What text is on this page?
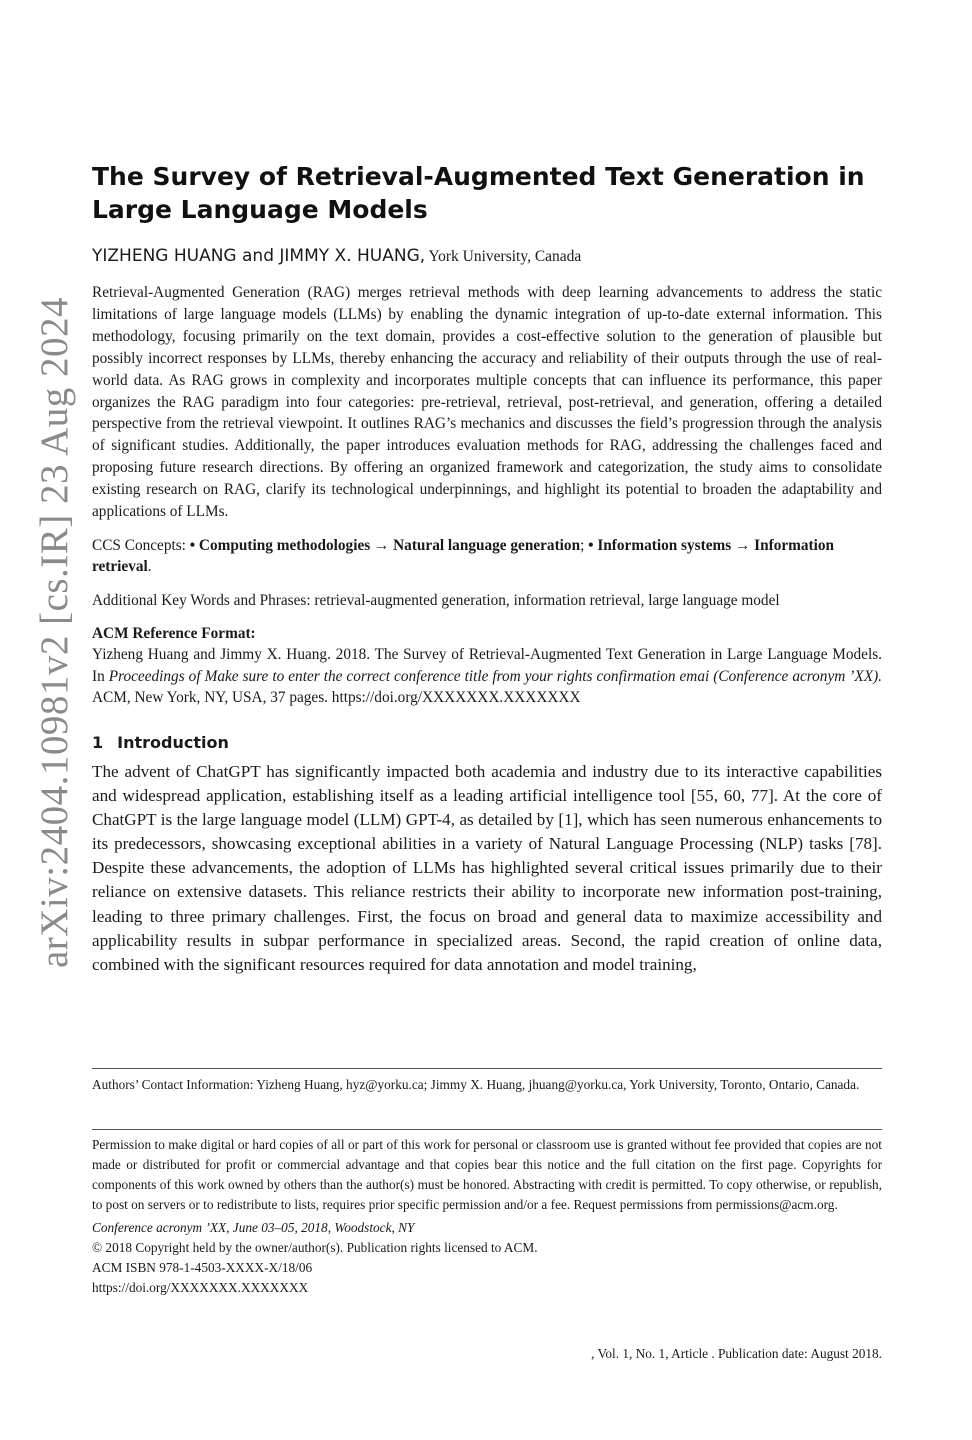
arXiv:2404.10981v2 [cs.IR] 23 Aug 2024
The Survey of Retrieval-Augmented Text Generation in Large Language Models
YIZHENG HUANG and JIMMY X. HUANG, York University, Canada

Retrieval-Augmented Generation (RAG) merges retrieval methods with deep learning advancements to address the static limitations of large language models (LLMs) by enabling the dynamic integration of up-to-date external information. This methodology, focusing primarily on the text domain, provides a cost-effective solution to the generation of plausible but possibly incorrect responses by LLMs, thereby enhancing the accuracy and reliability of their outputs through the use of real-world data. As RAG grows in complexity and incorporates multiple concepts that can influence its performance, this paper organizes the RAG paradigm into four categories: pre-retrieval, retrieval, post-retrieval, and generation, offering a detailed perspective from the retrieval viewpoint. It outlines RAG’s mechanics and discusses the field’s progression through the analysis of significant studies. Additionally, the paper introduces evaluation methods for RAG, addressing the challenges faced and proposing future research directions. By offering an organized framework and categorization, the study aims to consolidate existing research on RAG, clarify its technological underpinnings, and highlight its potential to broaden the adaptability and applications of LLMs.

CCS Concepts: • Computing methodologies → Natural language generation; • Information systems → Information retrieval.

Additional Key Words and Phrases: retrieval-augmented generation, information retrieval, large language model

ACM Reference Format:

Yizheng Huang and Jimmy X. Huang. 2018. The Survey of Retrieval-Augmented Text Generation in Large Language Models. In Proceedings of Make sure to enter the correct conference title from your rights confirmation emai (Conference acronym ’XX). ACM, New York, NY, USA, 37 pages. https://doi.org/XXXXXXX.XXXXXXX

1 Introduction

The advent of ChatGPT has significantly impacted both academia and industry due to its interactive capabilities and widespread application, establishing itself as a leading artificial intelligence tool [55, 60, 77]. At the core of ChatGPT is the large language model (LLM) GPT-4, as detailed by [1], which has seen numerous enhancements to its predecessors, showcasing exceptional abilities in a variety of Natural Language Processing (NLP) tasks [78]. Despite these advancements, the adoption of LLMs has highlighted several critical issues primarily due to their reliance on extensive datasets. This reliance restricts their ability to incorporate new information post-training, leading to three primary challenges. First, the focus on broad and general data to maximize accessibility and applicability results in subpar performance in specialized areas. Second, the rapid creation of online data, combined with the significant resources required for data annotation and model training,

Authors’ Contact Information: Yizheng Huang, hyz@yorku.ca; Jimmy X. Huang, jhuang@yorku.ca, York University, Toronto, Ontario, Canada.

Permission to make digital or hard copies of all or part of this work for personal or classroom use is granted without fee provided that copies are not made or distributed for profit or commercial advantage and that copies bear this notice and the full citation on the first page. Copyrights for components of this work owned by others than the author(s) must be honored. Abstracting with credit is permitted. To copy otherwise, or republish, to post on servers or to redistribute to lists, requires prior specific permission and/or a fee. Request permissions from permissions@acm.org.

Conference acronym ’XX, June 03–05, 2018, Woodstock, NY
© 2018 Copyright held by the owner/author(s). Publication rights licensed to ACM.
ACM ISBN 978-1-4503-XXXX-X/18/06
https://doi.org/XXXXXXX.XXXXXXX
, Vol. 1, No. 1, Article . Publication date: August 2018.
